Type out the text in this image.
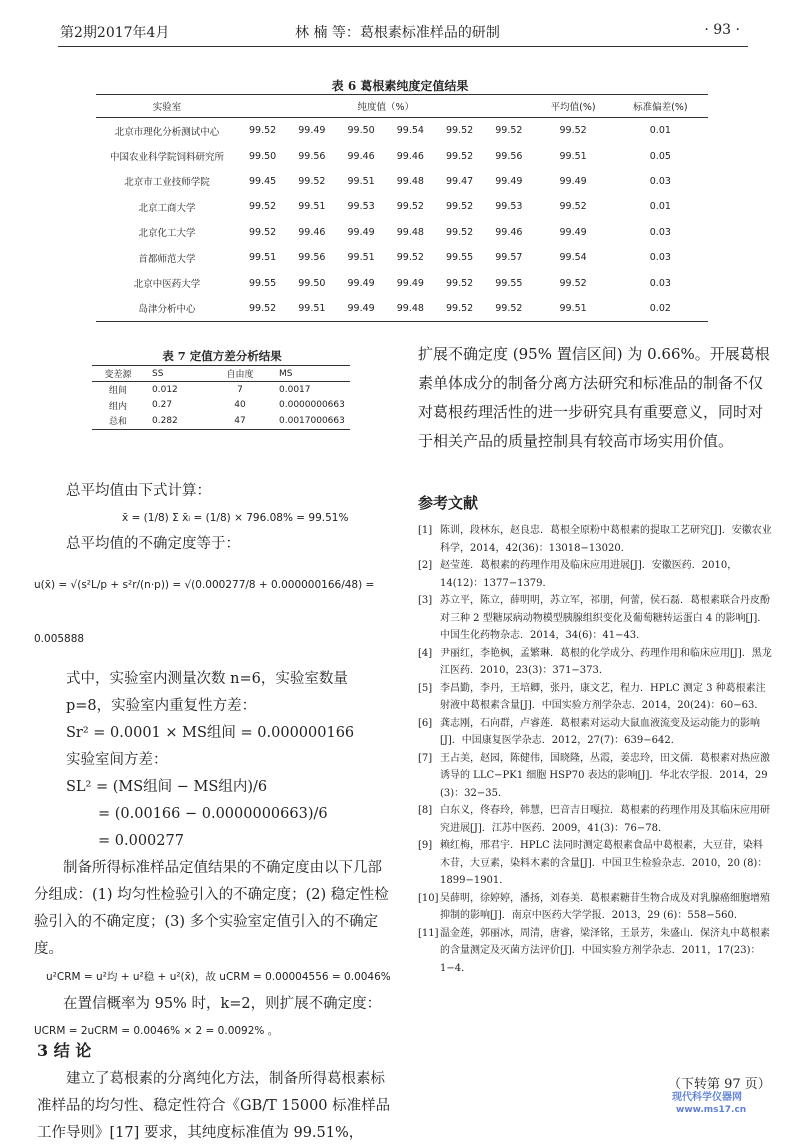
第2期2017年4月	林 楠 等：葛根素标准样品的研制	· 93 ·
表 6 葛根素纯度定值结果
实验室	纯度值（%）						平均值(%)	标准偏差(%)
北京市理化分析测试中心	99.52	99.49	99.50	99.54	99.52	99.52	99.52	0.01
中国农业科学院饲料研究所	99.50	99.56	99.46	99.46	99.52	99.56	99.51	0.05
北京市工业技师学院	99.45	99.52	99.51	99.48	99.47	99.49	99.49	0.03
北京工商大学	99.52	99.51	99.53	99.52	99.52	99.53	99.52	0.01
北京化工大学	99.52	99.46	99.49	99.48	99.52	99.46	99.49	0.03
首都师范大学	99.51	99.56	99.51	99.52	99.55	99.57	99.54	0.03
北京中医药大学	99.55	99.50	99.49	99.49	99.52	99.55	99.52	0.03
岛津分析中心	99.52	99.51	99.49	99.48	99.52	99.52	99.51	0.02
表 7 定值方差分析结果
变差源	SS	自由度	MS
组间	0.012	7	0.0017
组内	0.27	40	0.0000000663
总和	0.282	47	0.0017000663

总平均值由下式计算：

x̄ = (1/8) Σ x̄ᵢ = (1/8) × 796.08% = 99.51%

总平均值的不确定度等于：

u(x̄) = √(s²L/p + s²r/(n·p)) = √(0.000277/8 + 0.000000166/48) = 0.005888

式中，实验室内测量次数 n=6，实验室数量 p=8，实验室内重复性方差：

Sr² = 0.0001 × MS组间 = 0.000000166

实验室间方差：

SL² = (MS组间 − MS组内)/6

= (0.00166 − 0.0000000663)/6

= 0.000277

制备所得标准样品定值结果的不确定度由以下几部分组成：(1) 均匀性检验引入的不确定度；(2) 稳定性检验引入的不确定度；(3) 多个实验室定值引入的不确定度。

u²CRM = u²均 + u²稳 + u²(x̄)，故 uCRM = 0.00004556 = 0.0046%

在置信概率为 95% 时，k=2，则扩展不确定度：

UCRM = 2uCRM = 0.0046% × 2 = 0.0092% 。

3 结 论

建立了葛根素的分离纯化方法，制备所得葛根素标准样品的均匀性、稳定性符合《GB/T 15000 标准样品工作导则》[17] 要求，其纯度标准值为 99.51%，

扩展不确定度 (95% 置信区间) 为 0.66%。开展葛根素单体成分的制备分离方法研究和标准品的制备不仅对葛根药理活性的进一步研究具有重要意义，同时对于相关产品的质量控制具有较高市场实用价值。

参考文献

[1] 陈训，段林东，赵良忠．葛根全原粉中葛根素的提取工艺研究[J]．安徽农业科学，2014，42(36)：13018−13020．

[2] 赵莹莲．葛根素的药理作用及临床应用进展[J]．安徽医药．2010，14(12)：1377−1379．

[3] 苏立平，陈立，薛明明，苏立军，祁朋，何蕾，侯石磊．葛根素联合丹皮酚对三种 2 型糖尿病动物模型胰腺组织变化及葡萄糖转运蛋白 4 的影响[J]．中国生化药物杂志．2014，34(6)：41−43．

[4] 尹丽红，李艳枫，孟繁琳．葛根的化学成分、药理作用和临床应用[J]．黑龙江医药．2010，23(3)：371−373．

[5] 李昌勤，李丹，王培卿，张丹，康文艺，程力．HPLC 测定 3 种葛根素注射液中葛根素含量[J]．中国实验方剂学杂志．2014，20(24)：60−63．

[6] 龚志刚，石向群，卢睿莲．葛根素对运动大鼠血液流变及运动能力的影响[J]．中国康复医学杂志．2012，27(7)：639−642．

[7] 王占美，赵园，陈健伟，国晓隆，丛霞，姜忠玲，田文儒．葛根素对热应激诱导的 LLC−PK1 细胞 HSP70 表达的影响[J]．华北农学报．2014，29 (3)：32−35．

[8] 白东义，佟春玲，韩慧，巴音吉日嘎拉．葛根素的药理作用及其临床应用研究进展[J]．江苏中医药．2009，41(3)：76−78．

[9] 赖红梅，邢君宇．HPLC 法同时测定葛根素食品中葛根素，大豆苷，染料木苷，大豆素，染料木素的含量[J]．中国卫生检验杂志．2010，20 (8)：1899−1901．

[10] 吴薛明，徐婷婷，潘扬，刘春美．葛根素糖苷生物合成及对乳腺癌细胞增殖抑制的影响[J]．南京中医药大学学报．2013，29 (6)：558−560．

[11] 温金莲，郭丽冰，周清，唐睿，梁泽铭，王景芳，朱盛山．保济丸中葛根素的含量测定及灭菌方法评价[J]．中国实验方剂学杂志．2011，17(23)：1−4．

（下转第 97 页）
现代科学仪器网
www.ms17.cn
